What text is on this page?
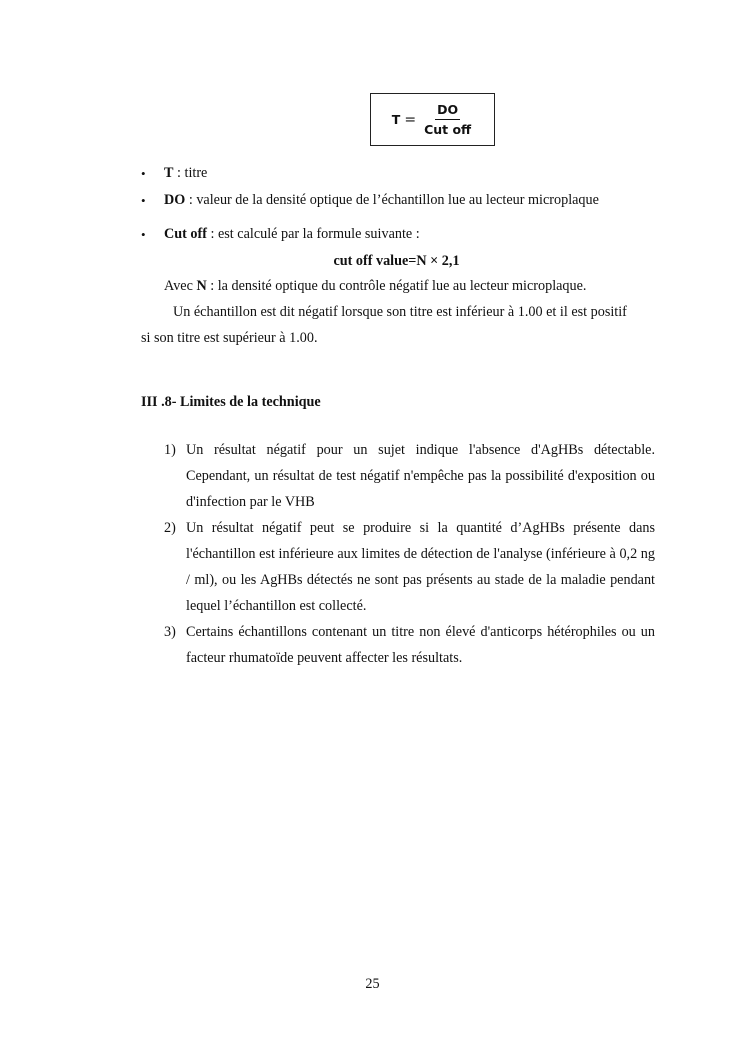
$T = \frac{DO}{\text{Cut off}}$
• T : titre
• DO : valeur de la densité optique de l’échantillon lue au lecteur microplaque
• Cut off : est calculé par la formule suivante :
cut off value=N × 2,1
Avec N : la densité optique du contrôle négatif lue au lecteur microplaque.
Un échantillon est dit négatif lorsque son titre est inférieur à 1.00 et il est positif
si son titre est supérieur à 1.00.
III .8- Limites de la technique
1) Un résultat négatif pour un sujet indique l'absence d'AgHBs détectable. Cependant, un résultat de test négatif n'empêche pas la possibilité d'exposition ou d'infection par le VHB
2) Un résultat négatif peut se produire si la quantité d’AgHBs présente dans l'échantillon est inférieure aux limites de détection de l'analyse (inférieure à 0,2 ng / ml), ou les AgHBs détectés ne sont pas présents au stade de la maladie pendant lequel l’échantillon est collecté.
3) Certains échantillons contenant un titre non élevé d'anticorps hétérophiles ou un facteur rhumatoïde peuvent affecter les résultats.
25
